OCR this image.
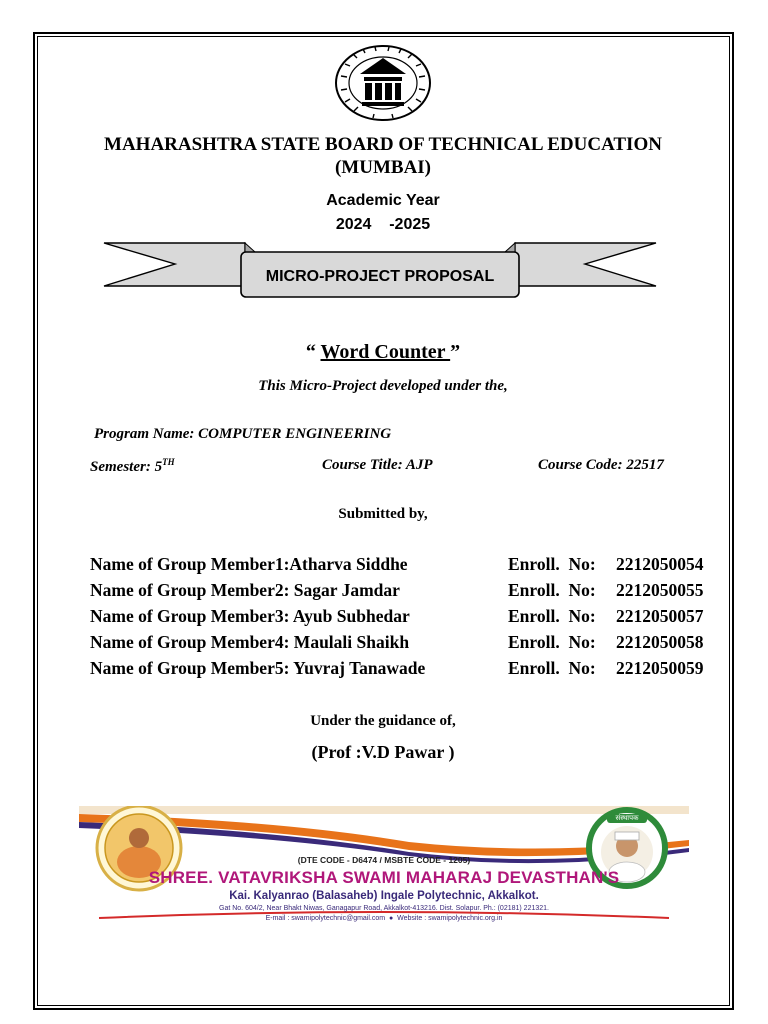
MAHARASHTRA STATE BOARD OF TECHNICAL EDUCATION
(MUMBAI)
Academic Year
2024    -2025
MICRO-PROJECT PROPOSAL
“ Word Counter ”
This Micro-Project developed under the,
Program Name: COMPUTER ENGINEERING
Semester: 5TH	Course Title: AJP	Course Code: 22517
Submitted by,
Name of Group Member1:Atharva Siddhe	Enroll.  No: 2212050054
Name of Group Member2: Sagar Jamdar	Enroll.  No: 2212050055
Name of Group Member3: Ayub Subhedar	Enroll.  No: 2212050057
Name of Group Member4: Maulali Shaikh	Enroll.  No: 2212050058
Name of Group Member5: Yuvraj Tanawade	Enroll.  No: 2212050059
Under the guidance of,
(Prof :V.D Pawar )
संस्थापक
(DTE CODE - D6474 / MSBTE CODE - 1205)
SHREE. VATAVRIKSHA SWAMI MAHARAJ DEVASTHAN'S
Kai. Kalyanrao (Balasaheb) Ingale Polytechnic, Akkalkot.
Gat No. 604/2, Near Bhakt Niwas, Ganagapur Road, Akkalkot-413216. Dist. Solapur. Ph.: (02181) 221321.
E-mail : swamipolytechnic@gmail.com  ●  Website : swamipolytechnic.org.in
